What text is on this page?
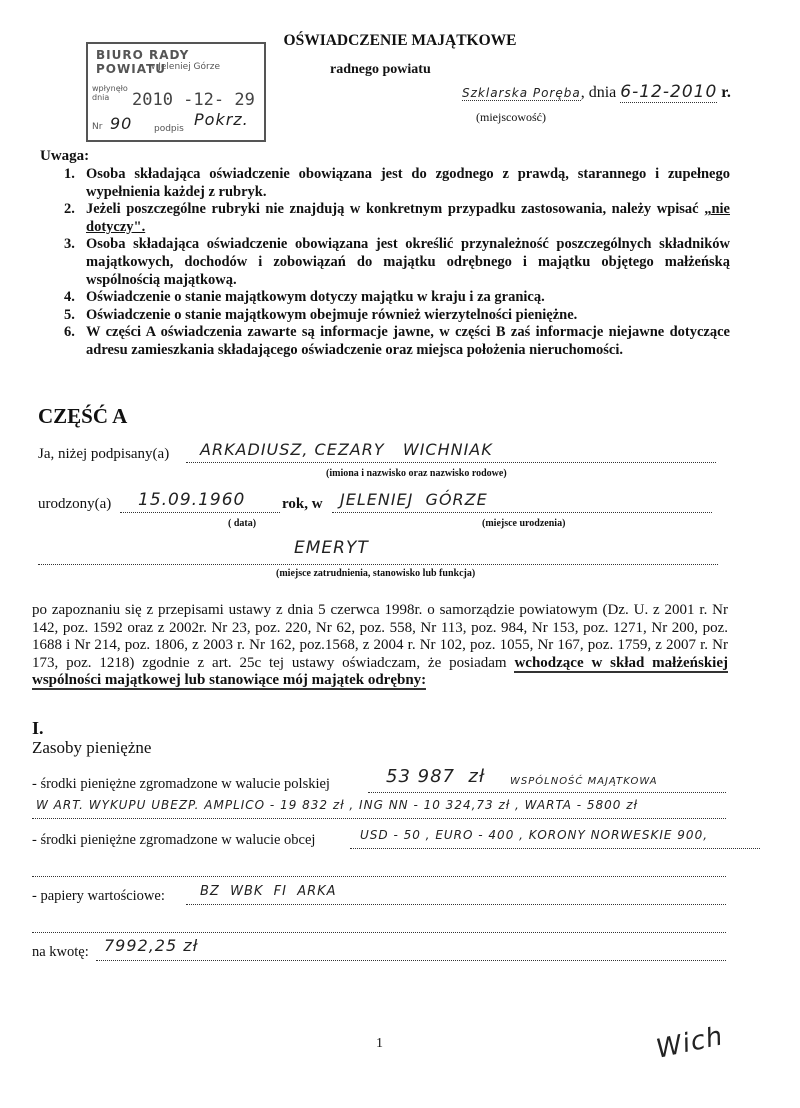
BIURO RADY POWIATU
w Jeleniej Górze
wpłynęło dnia	2010 -12- 29
Nr 90 podpis Pokrz.
OŚWIADCZENIE MAJĄTKOWE
radnego powiatu
Szklarska Poręba, dnia 6-12-2010 r.
(miejscowość)
Uwaga:
1. Osoba składająca oświadczenie obowiązana jest do zgodnego z prawdą, starannego i zupełnego wypełnienia każdej z rubryk.
2. Jeżeli poszczególne rubryki nie znajdują w konkretnym przypadku zastosowania, należy wpisać „nie dotyczy".
3. Osoba składająca oświadczenie obowiązana jest określić przynależność poszczególnych składników majątkowych, dochodów i zobowiązań do majątku odrębnego i majątku objętego małżeńską wspólnością majątkową.
4. Oświadczenie o stanie majątkowym dotyczy majątku w kraju i za granicą.
5. Oświadczenie o stanie majątkowym obejmuje również wierzytelności pieniężne.
6. W części A oświadczenia zawarte są informacje jawne, w części B zaś informacje niejawne dotyczące adresu zamieszkania składającego oświadczenie oraz miejsca położenia nieruchomości.
CZĘŚĆ A
Ja, niżej podpisany(a) ARKADIUSZ, CEZARY   WICHNIAK
(imiona i nazwisko oraz nazwisko rodowe)
urodzony(a) 15.09.1960 rok, w JELENIEJ  GÓRZE
( data)	(miejsce urodzenia)
EMERYT
(miejsce zatrudnienia, stanowisko lub funkcja)
po zapoznaniu się z przepisami ustawy z dnia 5 czerwca 1998r. o samorządzie powiatowym (Dz. U. z 2001 r. Nr 142, poz. 1592 oraz z 2002r. Nr 23, poz. 220, Nr 62, poz. 558, Nr 113, poz. 984, Nr 153, poz. 1271, Nr 200, poz. 1688 i Nr 214, poz. 1806, z 2003 r. Nr 162, poz.1568, z 2004 r. Nr 102, poz. 1055, Nr 167, poz. 1759, z 2007 r. Nr 173, poz. 1218) zgodnie z art. 25c tej ustawy oświadczam, że posiadam wchodzące w skład małżeńskiej wspólności majątkowej lub stanowiące mój majątek odrębny:
I.
Zasoby pieniężne
- środki pieniężne zgromadzone w walucie polskiej	53 987  zł WSPÓLNOŚĆ MAJĄTKOWA
W ART. WYKUPU UBEZP. AMPLICO - 19 832 zł , ING NN - 10 324,73 zł , WARTA - 5800 zł
- środki pieniężne zgromadzone w walucie obcej	USD - 50 , EURO - 400 , KORONY NORWESKIE 900,
- papiery wartościowe:	BZ  WBK  FI  ARKA
na kwotę: 7992,25 zł
1	Wich
